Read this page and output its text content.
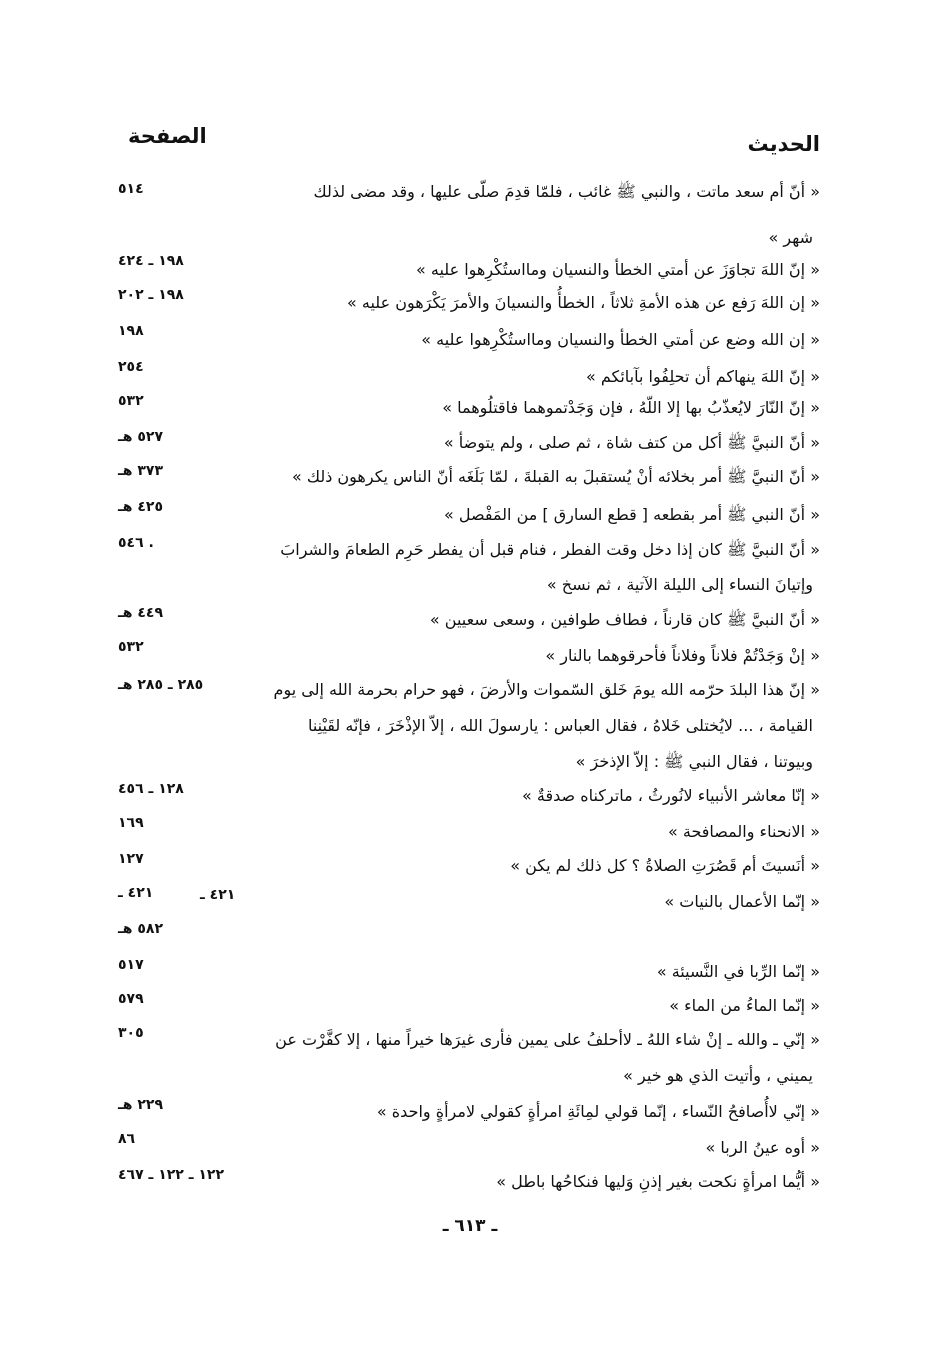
الحديث
الصفحة
« أنّ أم سعد ماتت ، والنبي ﷺ غائب ، فلمّا قدِمَ صلّى عليها ، وقد مضى لذلك
شهر »
٥١٤
« إنّ اللهَ تجاوَزَ عن أمتي الخطأ والنسيان ومااستُكْرِهوا عليه »
١٩٨ ـ ٤٢٤
« إن اللهَ رَفع عن هذه الأمةِ ثلاثاً ، الخطأُ والنسيانَ والأمرَ يَكْرَهون عليه »
١٩٨ ـ ٢٠٢
« إن الله وضع عن أمتي الخطأ والنسيان ومااستُكْرِهوا عليه »
١٩٨
« إنّ اللهَ ينهاكم أن تحلِفُوا بآبائكم »
٢٥٤
« إنّ النّارَ لايُعذّبُ بها إلا اللّهُ ، فإن وَجَدْتموهما فاقتلُوهما »
٥٣٢
« أنّ النبيَّ ﷺ أكل من كتف شاة ، ثم صلى ، ولم يتوضأ »
٥٢٧ هـ
« أنّ النبيَّ ﷺ أمر بخلائه أنْ يُستقبلَ به القبلةَ ، لمّا بَلَغَه أنّ الناس يكرهون ذلك »
٣٧٣ هـ
« أنّ النبي ﷺ أمر بقطعه [ قطع السارق ] من المَفْصل »
٤٢٥ هـ
« أنّ النبيَّ ﷺ كان إذا دخل وقت الفطر ، فنام قبل أن يفطر حَرِم الطعامَ والشرابَ
وإتيانَ النساء إلى الليلة الآتية ، ثم نسخ »
. ٥٤٦
« أنّ النبيَّ ﷺ كان قارناً ، فطاف طوافين ، وسعى سعيين »
٤٤٩ هـ
« إنْ وَجَدْتُمْ فلاناً وفلاناً فأحرقوهما بالنار »
٥٣٢
« إنّ هذا البلدَ حرّمه الله يومَ خَلق السّموات والأرضَ ، فهو حرام بحرمة الله إلى يوم
القيامة ، ... لايُختلى خَلاهُ ، فقال العباس : يارسولَ الله ، إلاّ الإذْخَرَ ، فإنّه لقَيْنِنا
وبيوتنا ، فقال النبي ﷺ : إلاّ الإذخرَ »
٢٨٥ ـ ٢٨٥ هـ
« إنّا معاشر الأنبياء لانُورثُ ، ماتركناه صدقةٌ »
١٢٨ ـ ٤٥٦
« الانحناء والمصافحة »
١٦٩
« أنَسيتَ أم قَصُرَتِ الصلاةُ ؟ كل ذلك لم يكن »
١٢٧
« إنّما الأعمال بالنيات »
٤٢١ ـ	٤٢١ ـ
٥٨٢ هـ
« إنّما الرِّبا في النَّسيئة »
٥١٧
« إنّما الماءُ من الماء »
٥٧٩
« إنّي ـ والله ـ إنْ شاء اللهُ ـ لاأحلفُ على يمين فأرى غيرَها خيراً منها ، إلا كفَّرْت عن
يميني ، وأتيت الذي هو خير »
٣٠٥
« إنّي لاأُصافحُ النّساء ، إنّما قولي لمِائَةِ امرأةٍ كقولي لامرأةٍ واحدة »
٢٢٩ هـ
« أوه عينُ الربا »
٨٦
« أيُّما امرأةٍ نكحت بغير إذنِ وَليها فنكاحُها باطل »
١٢٢ ـ ١٢٢ ـ ٤٦٧
ـ ٦١٣ ـ
